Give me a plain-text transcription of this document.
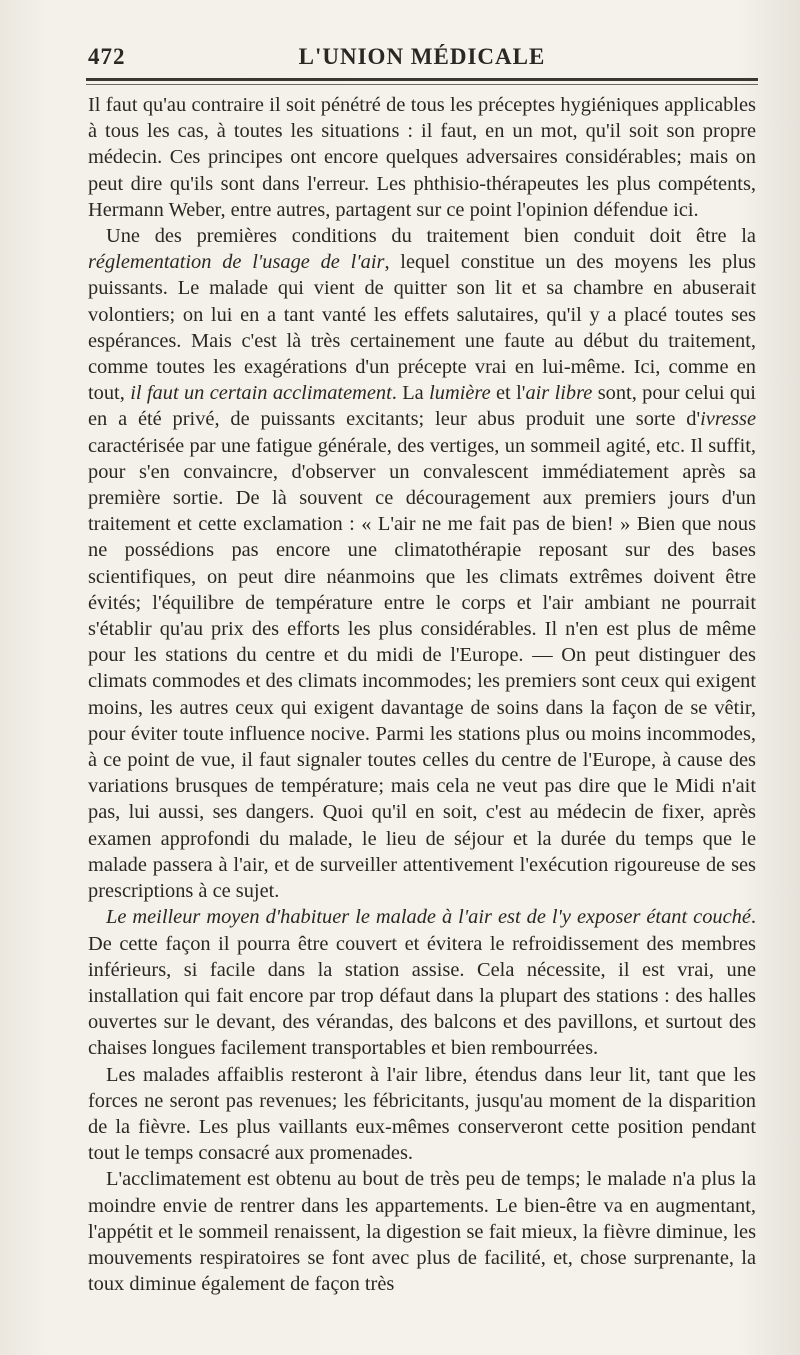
472	L'UNION MÉDICALE

Il faut qu'au contraire il soit pénétré de tous les préceptes hygiéniques applicables à tous les cas, à toutes les situations : il faut, en un mot, qu'il soit son propre médecin. Ces principes ont encore quelques adversaires considérables; mais on peut dire qu'ils sont dans l'erreur. Les phthisio-thérapeutes les plus compétents, Hermann Weber, entre autres, partagent sur ce point l'opinion défendue ici.

Une des premières conditions du traitement bien conduit doit être la réglementation de l'usage de l'air, lequel constitue un des moyens les plus puissants. Le malade qui vient de quitter son lit et sa chambre en abuserait volontiers; on lui en a tant vanté les effets salutaires, qu'il y a placé toutes ses espérances. Mais c'est là très certainement une faute au début du traitement, comme toutes les exagérations d'un précepte vrai en lui-même. Ici, comme en tout, il faut un certain acclimatement. La lumière et l'air libre sont, pour celui qui en a été privé, de puissants excitants; leur abus produit une sorte d'ivresse caractérisée par une fatigue générale, des vertiges, un sommeil agité, etc. Il suffit, pour s'en convaincre, d'observer un convalescent immédiatement après sa première sortie. De là souvent ce découragement aux premiers jours d'un traitement et cette exclamation : « L'air ne me fait pas de bien! » Bien que nous ne possédions pas encore une climatothérapie reposant sur des bases scientifiques, on peut dire néanmoins que les climats extrêmes doivent être évités; l'équilibre de température entre le corps et l'air ambiant ne pourrait s'établir qu'au prix des efforts les plus considérables. Il n'en est plus de même pour les stations du centre et du midi de l'Europe. — On peut distinguer des climats commodes et des climats incommodes; les premiers sont ceux qui exigent moins, les autres ceux qui exigent davantage de soins dans la façon de se vêtir, pour éviter toute influence nocive. Parmi les stations plus ou moins incommodes, à ce point de vue, il faut signaler toutes celles du centre de l'Europe, à cause des variations brusques de température; mais cela ne veut pas dire que le Midi n'ait pas, lui aussi, ses dangers. Quoi qu'il en soit, c'est au médecin de fixer, après examen approfondi du malade, le lieu de séjour et la durée du temps que le malade passera à l'air, et de surveiller attentivement l'exécution rigoureuse de ses prescriptions à ce sujet.

Le meilleur moyen d'habituer le malade à l'air est de l'y exposer étant couché. De cette façon il pourra être couvert et évitera le refroidissement des membres inférieurs, si facile dans la station assise. Cela nécessite, il est vrai, une installation qui fait encore par trop défaut dans la plupart des stations : des halles ouvertes sur le devant, des vérandas, des balcons et des pavillons, et surtout des chaises longues facilement transportables et bien rembourrées.

Les malades affaiblis resteront à l'air libre, étendus dans leur lit, tant que les forces ne seront pas revenues; les fébricitants, jusqu'au moment de la disparition de la fièvre. Les plus vaillants eux-mêmes conserveront cette position pendant tout le temps consacré aux promenades.

L'acclimatement est obtenu au bout de très peu de temps; le malade n'a plus la moindre envie de rentrer dans les appartements. Le bien-être va en augmentant, l'appétit et le sommeil renaissent, la digestion se fait mieux, la fièvre diminue, les mouvements respiratoires se font avec plus de facilité, et, chose surprenante, la toux diminue également de façon très
